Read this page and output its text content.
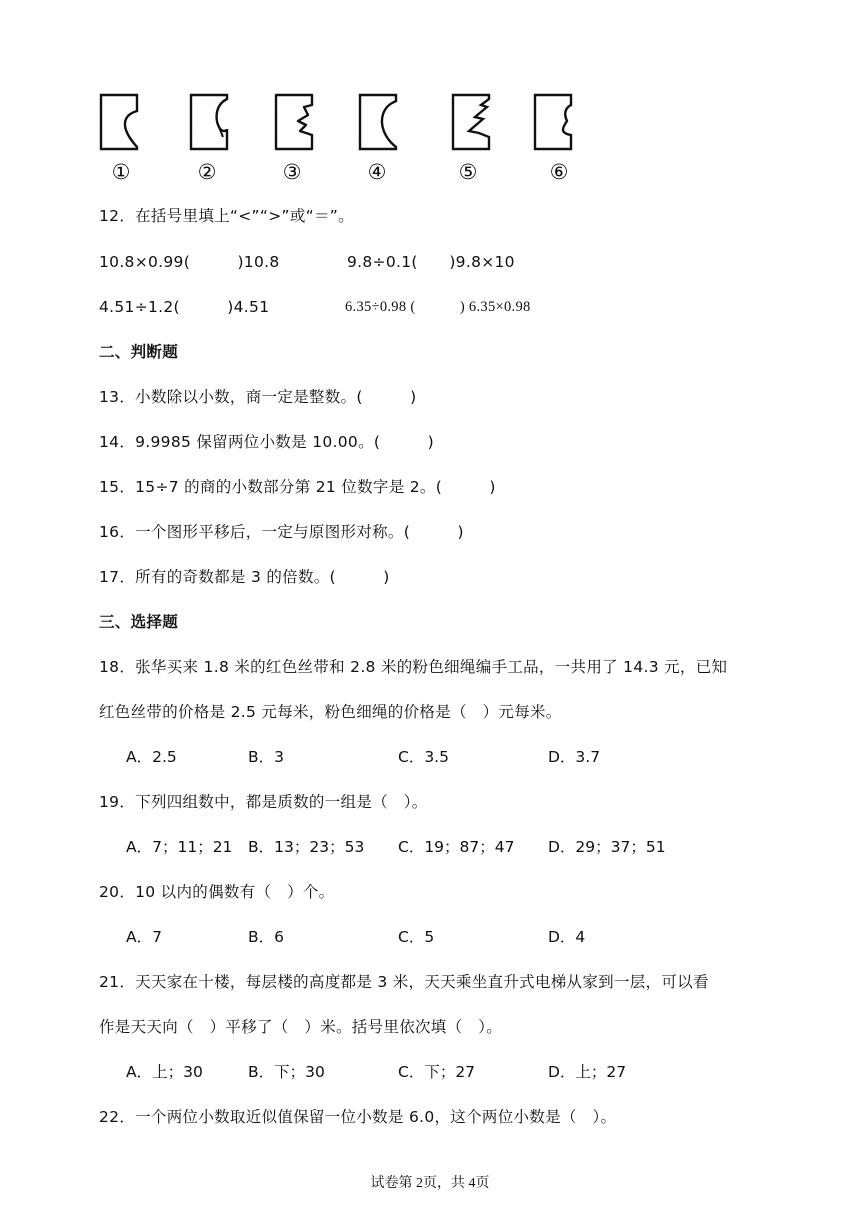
①	②	③	④	⑤	⑥
12．在括号里填上“<”“>”或“＝”。
10.8×0.99(　　　)10.8	9.8÷0.1(　　)9.8×10
4.51÷1.2(　　　)4.51	6.35÷0.98 (　　　) 6.35×0.98
二、判断题
13．小数除以小数，商一定是整数。(　　　)
14．9.9985 保留两位小数是 10.00。(　　　)
15．15÷7 的商的小数部分第 21 位数字是 2。(　　　)
16．一个图形平移后，一定与原图形对称。(　　　)
17．所有的奇数都是 3 的倍数。(　　　)
三、选择题
18．张华买来 1.8 米的红色丝带和 2.8 米的粉色细绳编手工品，一共用了 14.3 元，已知
红色丝带的价格是 2.5 元每米，粉色细绳的价格是（　）元每米。
A．2.5	B．3	C．3.5	D．3.7
19．下列四组数中，都是质数的一组是（　）。
A．7；11；21 B．13；23；53 C．19；87；47 D．29；37；51
20．10 以内的偶数有（　）个。
A．7	B．6	C．5	D．4
21．天天家在十楼，每层楼的高度都是 3 米，天天乘坐直升式电梯从家到一层，可以看
作是天天向（　）平移了（　）米。括号里依次填（　）。
A．上；30	B．下；30	C．下；27	D．上；27
22．一个两位小数取近似值保留一位小数是 6.0，这个两位小数是（　）。
试卷第 2页，共 4页
